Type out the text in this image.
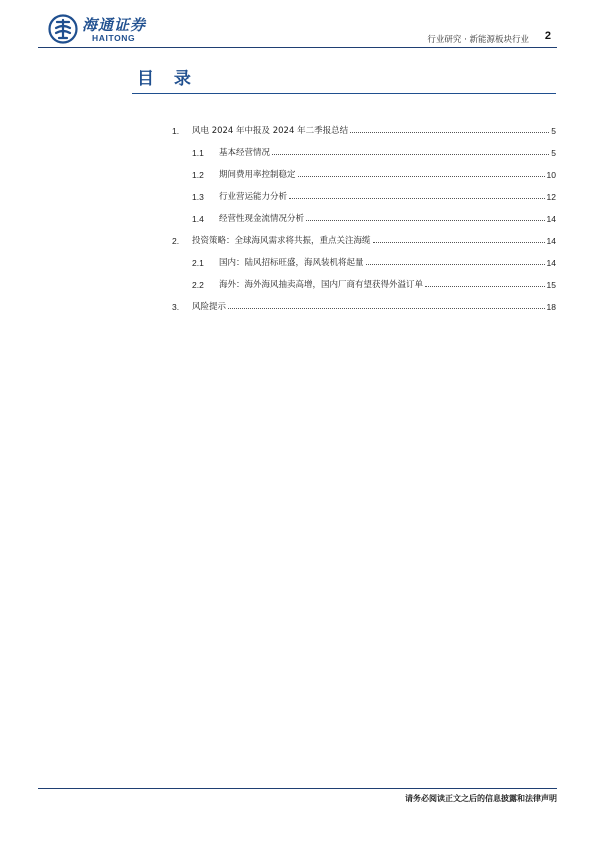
海通证券
HAITONG	行业研究 · 新能源板块行业 2
目 录
1.	风电 2024 年中报及 2024 年二季报总结	5
1.1	基本经营情况	5
1.2	期间费用率控制稳定	10
1.3	行业营运能力分析	12
1.4	经营性现金流情况分析	14
2.	投资策略：全球海风需求将共振，重点关注海缆	14
2.1	国内：陆风招标旺盛，海风装机将起量	14
2.2	海外：海外海风抽卖高增，国内厂商有望获得外溢订单	15
3.	风险提示	18
请务必阅读正文之后的信息披露和法律声明
